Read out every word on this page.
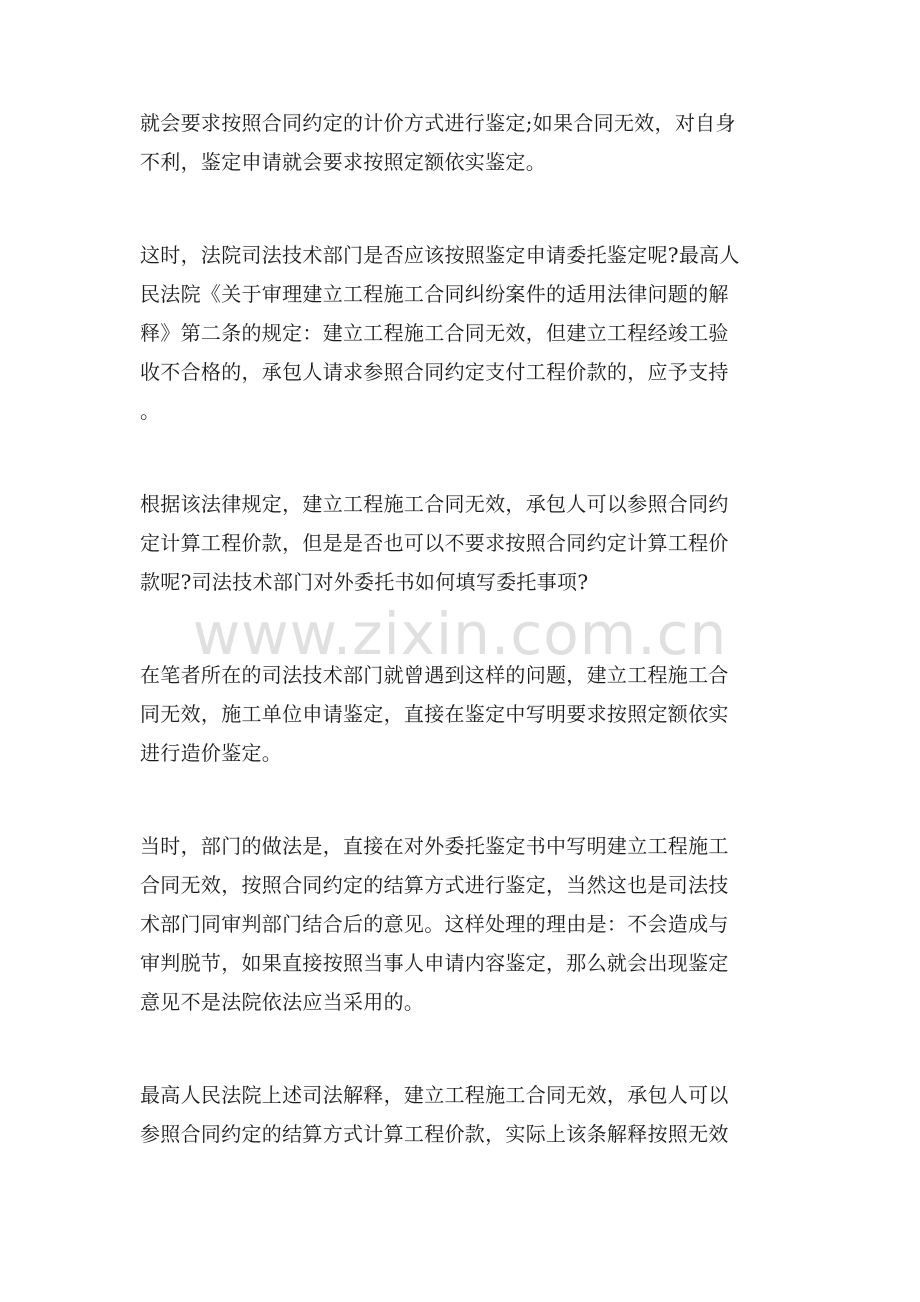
就会要求按照合同约定的计价方式进行鉴定;如果合同无效，对自身
不利，鉴定申请就会要求按照定额依实鉴定。

这时，法院司法技术部门是否应该按照鉴定申请委托鉴定呢?最高人
民法院《关于审理建立工程施工合同纠纷案件的适用法律问题的解
释》第二条的规定：建立工程施工合同无效，但建立工程经竣工验
收不合格的，承包人请求参照合同约定支付工程价款的，应予支持
。

根据该法律规定，建立工程施工合同无效，承包人可以参照合同约
定计算工程价款，但是是否也可以不要求按照合同约定计算工程价
款呢?司法技术部门对外委托书如何填写委托事项?

在笔者所在的司法技术部门就曾遇到这样的问题，建立工程施工合
同无效，施工单位申请鉴定，直接在鉴定中写明要求按照定额依实
进行造价鉴定。

当时，部门的做法是，直接在对外委托鉴定书中写明建立工程施工
合同无效，按照合同约定的结算方式进行鉴定，当然这也是司法技
术部门同审判部门结合后的意见。这样处理的理由是：不会造成与
审判脱节，如果直接按照当事人申请内容鉴定，那么就会出现鉴定
意见不是法院依法应当采用的。

最高人民法院上述司法解释，建立工程施工合同无效，承包人可以
参照合同约定的结算方式计算工程价款，实际上该条解释按照无效

www.zixin.com.cn
